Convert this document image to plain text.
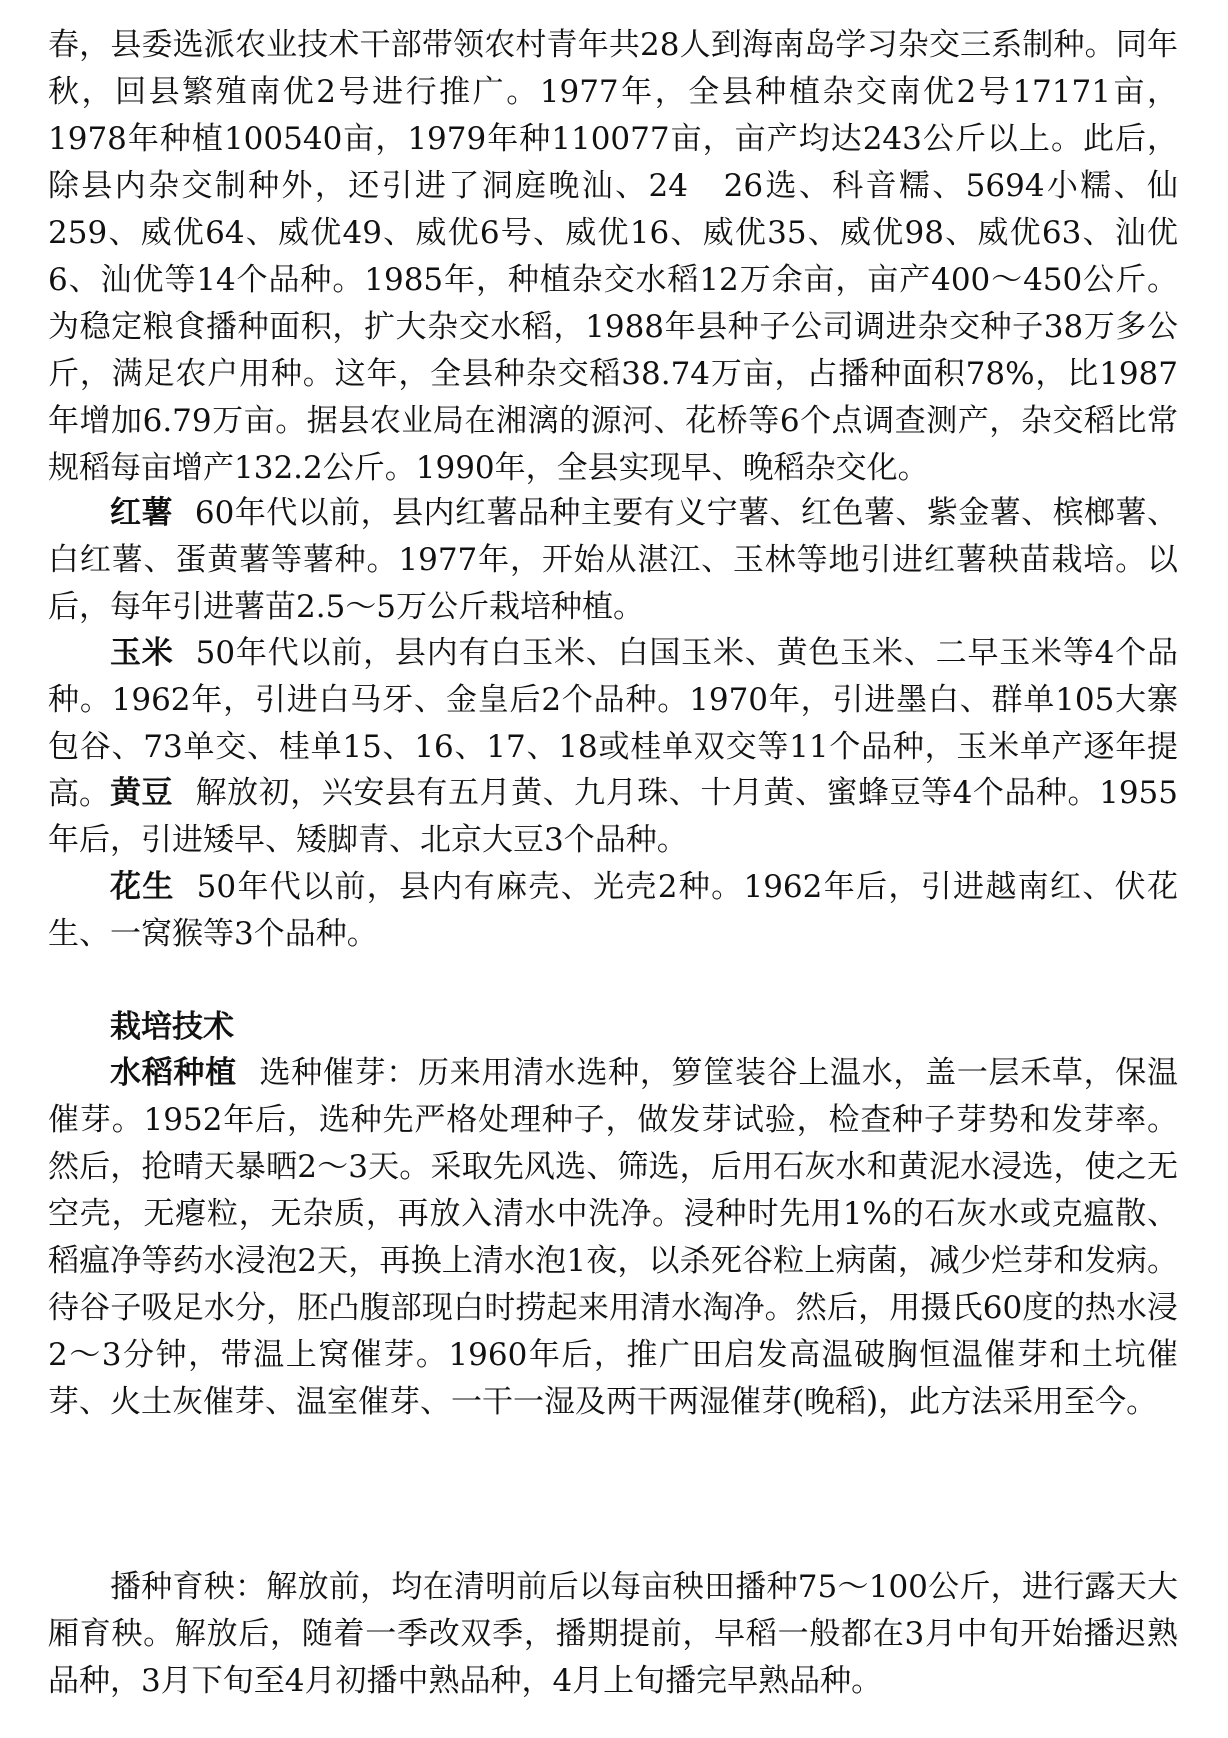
春，县委选派农业技术干部带领农村青年共28人到海南岛学习杂交三系制种。同年秋，回县繁殖南优2号进行推广。1977年，全县种植杂交南优2号17171亩，1978年种植100540亩，1979年种110077亩，亩产均达243公斤以上。此后，除县内杂交制种外，还引进了洞庭晚汕、24　26选、科音糯、5694小糯、仙259、威优64、威优49、威优6号、威优16、威优35、威优98、威优63、汕优6、汕优等14个品种。1985年，种植杂交水稻12万余亩，亩产400～450公斤。为稳定粮食播种面积，扩大杂交水稻，1988年县种子公司调进杂交种子38万多公斤，满足农户用种。这年，全县种杂交稻38.74万亩，占播种面积78%，比1987年增加6.79万亩。据县农业局在湘漓的源河、花桥等6个点调查测产，杂交稻比常规稻每亩增产132.2公斤。1990年，全县实现早、晚稻杂交化。

红薯 60年代以前，县内红薯品种主要有义宁薯、红色薯、紫金薯、槟榔薯、白红薯、蛋黄薯等薯种。1977年，开始从湛江、玉林等地引进红薯秧苗栽培。以后，每年引进薯苗2.5～5万公斤栽培种植。

玉米 50年代以前，县内有白玉米、白国玉米、黄色玉米、二早玉米等4个品种。1962年，引进白马牙、金皇后2个品种。1970年，引进墨白、群单105大寨包谷、73单交、桂单15、16、17、18或桂单双交等11个品种，玉米单产逐年提高。 黄豆 解放初，兴安县有五月黄、九月珠、十月黄、蜜蜂豆等4个品种。1955年后，引进矮早、矮脚青、北京大豆3个品种。

花生 50年代以前，县内有麻壳、光壳2种。1962年后，引进越南红、伏花生、一窝猴等3个品种。

栽培技术

水稻种植 选种催芽：历来用清水选种，箩筐装谷上温水，盖一层禾草，保温催芽。1952年后，选种先严格处理种子，做发芽试验，检查种子芽势和发芽率。然后，抢晴天暴晒2～3天。采取先风选、筛选，后用石灰水和黄泥水浸选，使之无空壳，无瘪粒，无杂质，再放入清水中洗净。浸种时先用1%的石灰水或克瘟散、稻瘟净等药水浸泡2天，再换上清水泡1夜，以杀死谷粒上病菌，减少烂芽和发病。待谷子吸足水分，胚凸腹部现白时捞起来用清水淘净。然后，用摄氏60度的热水浸2～3分钟，带温上窝催芽。1960年后，推广田启发高温破胸恒温催芽和土坑催芽、火土灰催芽、温室催芽、一干一湿及两干两湿催芽(晚稻)，此方法采用至今。

播种育秧：解放前，均在清明前后以每亩秧田播种75～100公斤，进行露天大厢育秧。解放后，随着一季改双季，播期提前，早稻一般都在3月中旬开始播迟熟品种，3月下旬至4月初播中熟品种，4月上旬播完早熟品种。
